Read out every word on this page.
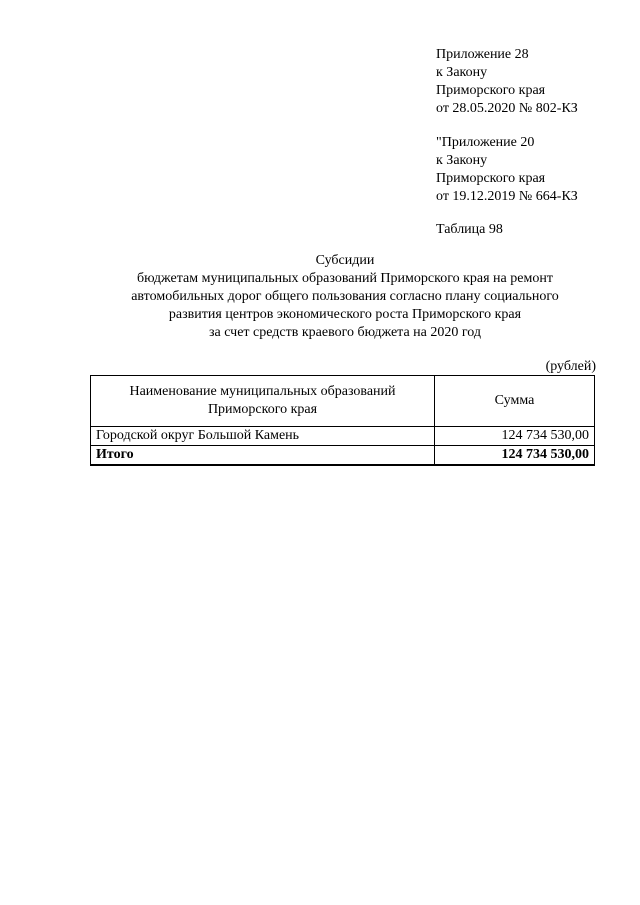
Приложение 28
к Закону
Приморского края
от 28.05.2020 № 802-КЗ
"Приложение 20
к Закону
Приморского края
от 19.12.2019 № 664-КЗ
Таблица 98
Субсидии
бюджетам муниципальных образований Приморского края на ремонт
автомобильных дорог общего пользования согласно плану социального
развития центров экономического роста Приморского края
за счет средств краевого бюджета на 2020 год
(рублей)
Наименование муниципальных образований Приморского края	Сумма
Городской округ Большой Камень	124 734 530,00
Итого	124 734 530,00
